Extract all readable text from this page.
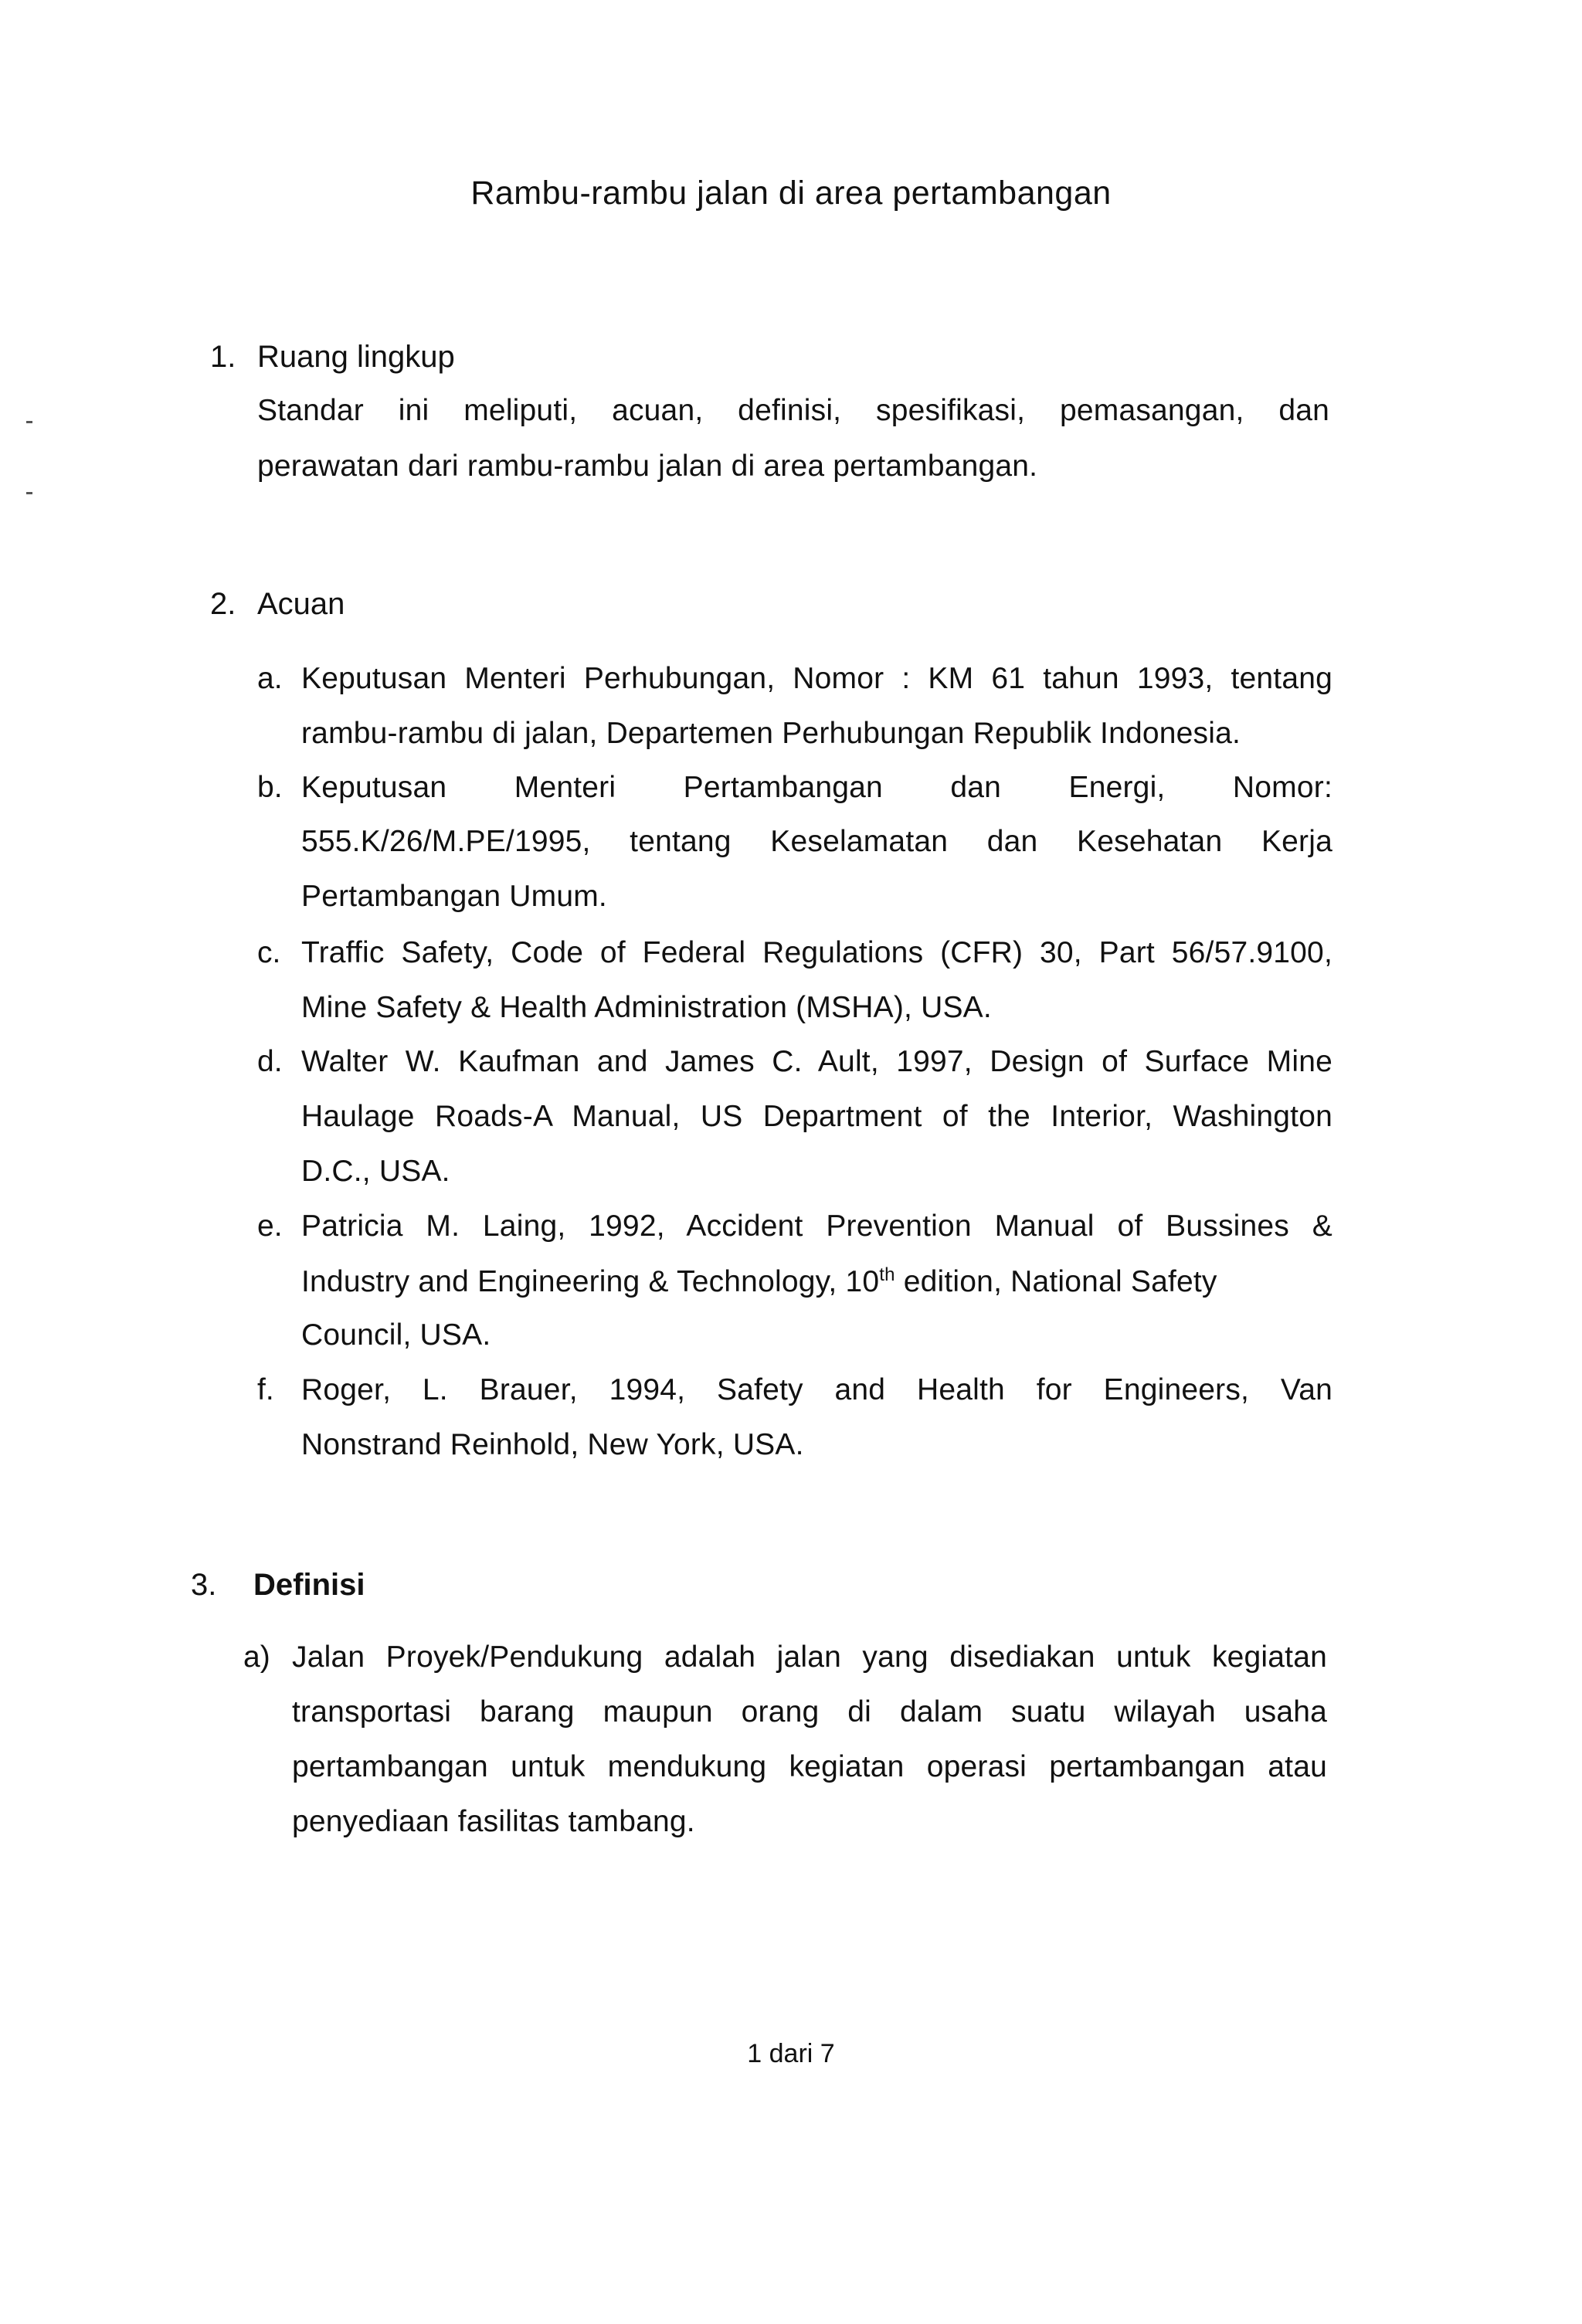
Rambu-rambu jalan di area pertambangan
1. Ruang lingkup
Standar ini meliputi, acuan, definisi, spesifikasi, pemasangan, dan
perawatan dari rambu-rambu jalan di area pertambangan.
2. Acuan
a. Keputusan Menteri Perhubungan, Nomor : KM 61 tahun 1993, tentang
rambu-rambu di jalan, Departemen Perhubungan Republik Indonesia.
b. Keputusan Menteri Pertambangan dan Energi, Nomor:
555.K/26/M.PE/1995, tentang Keselamatan dan Kesehatan Kerja
Pertambangan Umum.
c. Traffic Safety, Code of Federal Regulations (CFR) 30, Part 56/57.9100,
Mine Safety & Health Administration (MSHA), USA.
d. Walter W. Kaufman and James C. Ault, 1997, Design of Surface Mine
Haulage Roads-A Manual, US Department of the Interior, Washington
D.C., USA.
e. Patricia M. Laing, 1992, Accident Prevention Manual of Bussines &
Industry and Engineering & Technology, 10th edition, National Safety
Council, USA.
f. Roger, L. Brauer, 1994, Safety and Health for Engineers, Van
Nonstrand Reinhold, New York, USA.
3. Definisi
a) Jalan Proyek/Pendukung adalah jalan yang disediakan untuk kegiatan
transportasi barang maupun orang di dalam suatu wilayah usaha
pertambangan untuk mendukung kegiatan operasi pertambangan atau
penyediaan fasilitas tambang.
1 dari 7
